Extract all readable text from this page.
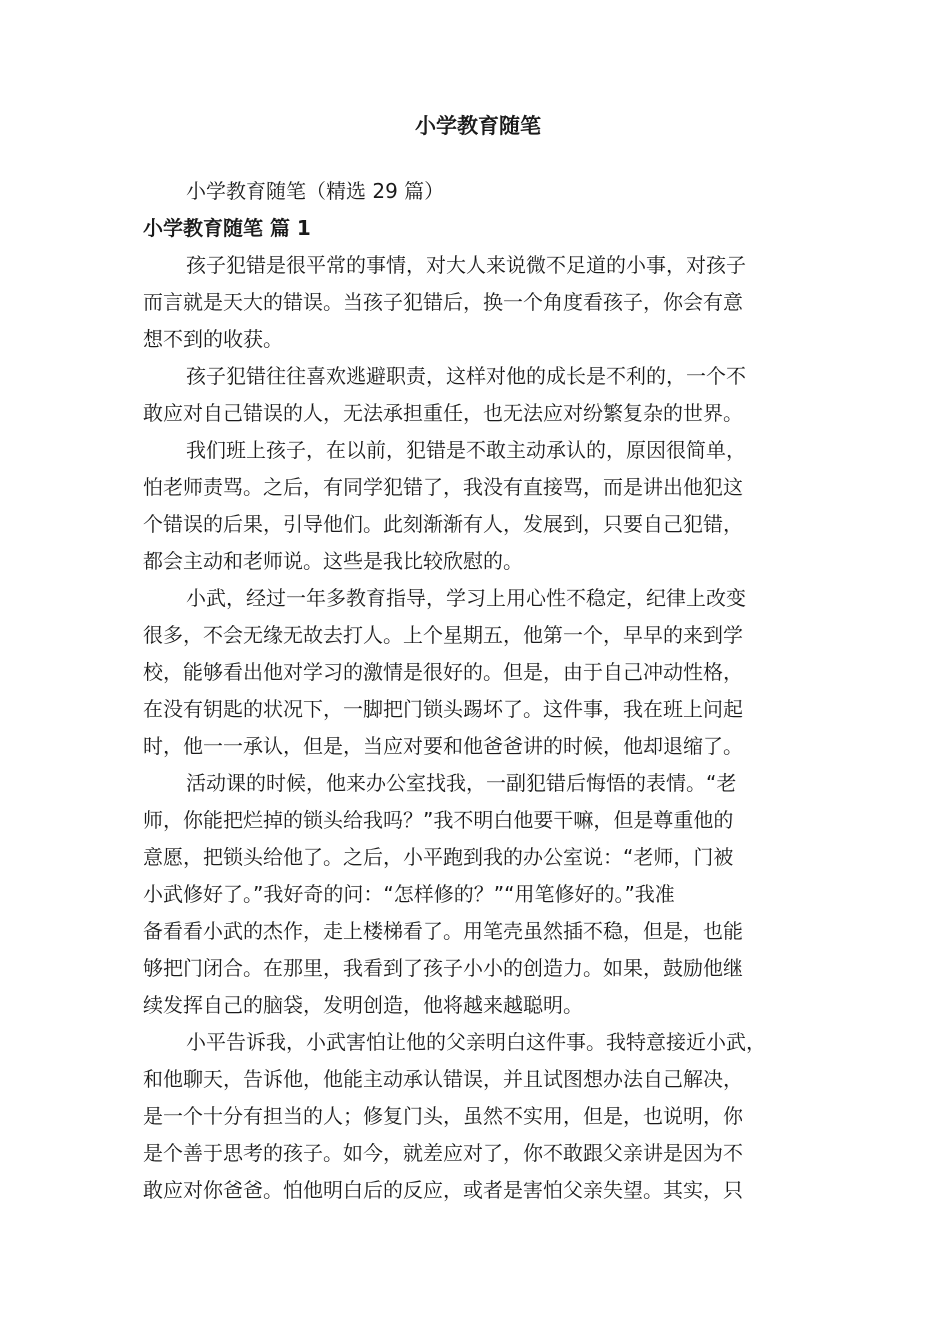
小学教育随笔

小学教育随笔（精选 29 篇）

小学教育随笔 篇 1

孩子犯错是很平常的事情，对大人来说微不足道的小事，对孩子

而言就是天大的错误。当孩子犯错后，换一个角度看孩子，你会有意

想不到的收获。

孩子犯错往往喜欢逃避职责，这样对他的成长是不利的，一个不

敢应对自己错误的人，无法承担重任，也无法应对纷繁复杂的世界。

我们班上孩子，在以前，犯错是不敢主动承认的，原因很简单，

怕老师责骂。之后，有同学犯错了，我没有直接骂，而是讲出他犯这

个错误的后果，引导他们。此刻渐渐有人，发展到，只要自己犯错，

都会主动和老师说。这些是我比较欣慰的。

小武，经过一年多教育指导，学习上用心性不稳定，纪律上改变

很多，不会无缘无故去打人。上个星期五，他第一个，早早的来到学

校，能够看出他对学习的激情是很好的。但是，由于自己冲动性格，

在没有钥匙的状况下，一脚把门锁头踢坏了。这件事，我在班上问起

时，他一一承认，但是，当应对要和他爸爸讲的时候，他却退缩了。

活动课的时候，他来办公室找我，一副犯错后悔悟的表情。“老

师，你能把烂掉的锁头给我吗？”我不明白他要干嘛，但是尊重他的

意愿，把锁头给他了。之后，小平跑到我的办公室说：“老师，门被

小武修好了。”我好奇的问：“怎样修的？”“用笔修好的。”我准

备看看小武的杰作，走上楼梯看了。用笔壳虽然插不稳，但是，也能

够把门闭合。在那里，我看到了孩子小小的创造力。如果，鼓励他继

续发挥自己的脑袋，发明创造，他将越来越聪明。

小平告诉我，小武害怕让他的父亲明白这件事。我特意接近小武，

和他聊天，告诉他，他能主动承认错误，并且试图想办法自己解决，

是一个十分有担当的人；修复门头，虽然不实用，但是，也说明，你

是个善于思考的孩子。如今，就差应对了，你不敢跟父亲讲是因为不

敢应对你爸爸。怕他明白后的反应，或者是害怕父亲失望。其实，只
